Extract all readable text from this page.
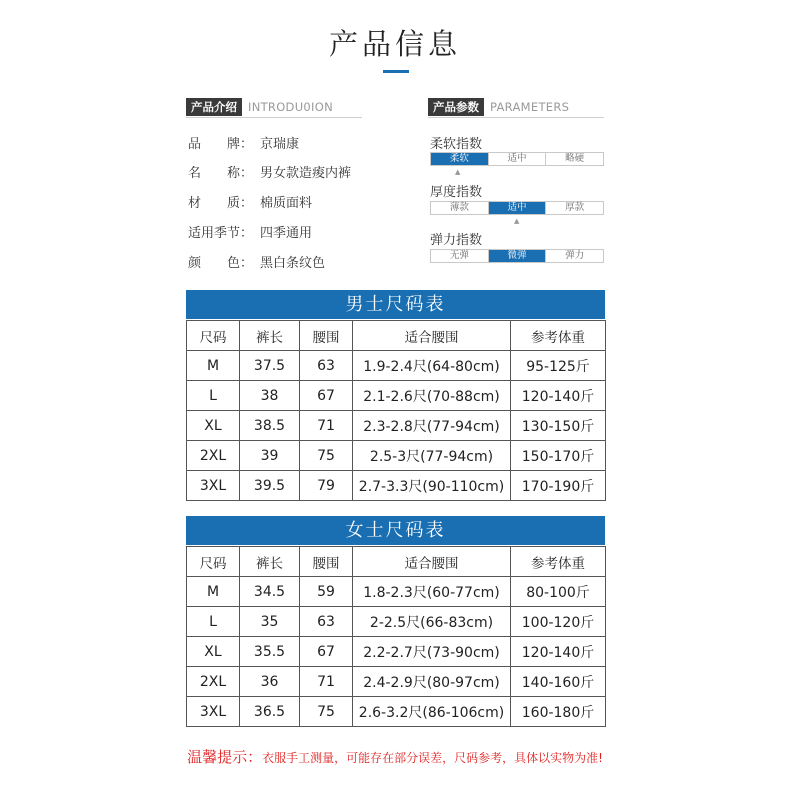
产品信息
产品介绍 INTRODU0ION
品　　牌： 京瑞康
名　　称： 男女款造痠内裤
材　　质： 棉质面料
适用季节： 四季通用
颜　　色： 黑白条纹色
产品参数 PARAMETERS
柔软指数
柔软	适中	略硬
▲
厚度指数
薄款	适中	厚款
▲
弹力指数
无弹	微弹	弹力
男士尺码表
尺码	裤长	腰围	适合腰围	参考体重
M	37.5	63	1.9-2.4尺(64-80cm)	95-125斤
L	38	67	2.1-2.6尺(70-88cm)	120-140斤
XL	38.5	71	2.3-2.8尺(77-94cm)	130-150斤
2XL	39	75	2.5-3尺(77-94cm)	150-170斤
3XL	39.5	79	2.7-3.3尺(90-110cm)	170-190斤
女士尺码表
尺码	裤长	腰围	适合腰围	参考体重
M	34.5	59	1.8-2.3尺(60-77cm)	80-100斤
L	35	63	2-2.5尺(66-83cm)	100-120斤
XL	35.5	67	2.2-2.7尺(73-90cm)	120-140斤
2XL	36	71	2.4-2.9尺(80-97cm)	140-160斤
3XL	36.5	75	2.6-3.2尺(86-106cm)	160-180斤
温馨提示：衣服手工测量，可能存在部分误差，尺码参考，具体以实物为准!
